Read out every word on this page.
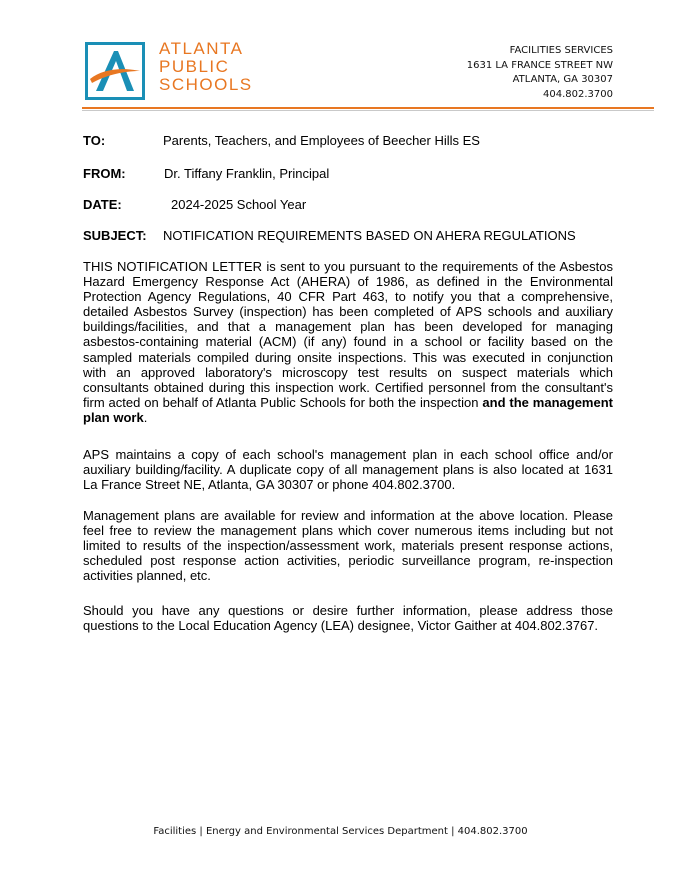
ATLANTA
PUBLIC
SCHOOLS
FACILITIES SERVICES
1631 LA FRANCE STREET NW
ATLANTA, GA 30307
404.802.3700
TO:	Parents, Teachers, and Employees of Beecher Hills ES
FROM:	Dr. Tiffany Franklin, Principal
DATE:	2024-2025 School Year
SUBJECT: NOTIFICATION REQUIREMENTS BASED ON AHERA REGULATIONS

THIS NOTIFICATION LETTER is sent to you pursuant to the requirements of the Asbestos Hazard Emergency Response Act (AHERA) of 1986, as defined in the Environmental Protection Agency Regulations, 40 CFR Part 463, to notify you that a comprehensive, detailed Asbestos Survey (inspection) has been completed of APS schools and auxiliary buildings/facilities, and that a management plan has been developed for managing asbestos-containing material (ACM) (if any) found in a school or facility based on the sampled materials compiled during onsite inspections. This was executed in conjunction with an approved laboratory's microscopy test results on suspect materials which consultants obtained during this inspection work. Certified personnel from the consultant's firm acted on behalf of Atlanta Public Schools for both the inspection and the management plan work.

APS maintains a copy of each school's management plan in each school office and/or auxiliary building/facility. A duplicate copy of all management plans is also located at 1631 La France Street NE, Atlanta, GA 30307 or phone 404.802.3700.

Management plans are available for review and information at the above location. Please feel free to review the management plans which cover numerous items including but not limited to results of the inspection/assessment work, materials present response actions, scheduled post response action activities, periodic surveillance program, re-inspection activities planned, etc.

Should you have any questions or desire further information, please address those questions to the Local Education Agency (LEA) designee, Victor Gaither at 404.802.3767.

Facilities | Energy and Environmental Services Department | 404.802.3700
